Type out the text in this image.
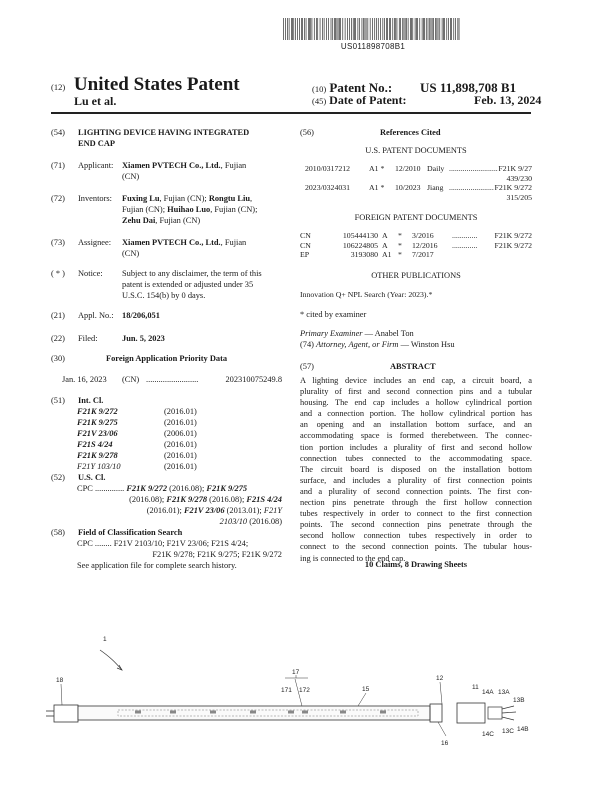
US011898708B1
(12) United States Patent
Lu et al.
(10) Patent No.: US 11,898,708 B1
(45) Date of Patent:	Feb. 13, 2024
(54) LIGHTING DEVICE HAVING INTEGRATED
END CAP
(71) Applicant: Xiamen PVTECH Co., Ltd., Fujian
(CN)
(72) Inventors: Fuxing Lu, Fujian (CN); Rongtu Liu,
Fujian (CN); Huihao Luo, Fujian (CN);
Zehu Dai, Fujian (CN)
(73) Assignee: Xiamen PVTECH Co., Ltd., Fujian
(CN)
( * ) Notice: Subject to any disclaimer, the term of this
patent is extended or adjusted under 35
U.S.C. 154(b) by 0 days.
(21) Appl. No.: 18/206,051
(22) Filed:	Jun. 5, 2023
(30)	Foreign Application Priority Data
Jan. 16, 2023 (CN) .........................	202310075249.8
(51) Int. Cl.
F21K 9/272	(2016.01)
F21K 9/275	(2016.01)
F21V 23/06	(2006.01)
F21S 4/24	(2016.01)
F21K 9/278	(2016.01)
F21Y 103/10	(2016.01)
(52) U.S. Cl.
CPC .............. F21K 9/272 (2016.08); F21K 9/275
(2016.08); F21K 9/278 (2016.08); F21S 4/24
(2016.01); F21V 23/06 (2013.01); F21Y
2103/10 (2016.08)
(58) Field of Classification Search
CPC ........ F21V 2103/10; F21V 23/06; F21S 4/24;
F21K 9/278; F21K 9/275; F21K 9/272
See application file for complete search history.
(56)	References Cited
U.S. PATENT DOCUMENTS
2010/0317212 A1 * 12/2010 Daily ......................... F21K 9/27
439/230
2023/0324031 A1 * 10/2023 Jiang ....................... F21K 9/272
315/205
FOREIGN PATENT DOCUMENTS
CN	105444130 A * 3/2016 ............. F21K 9/272
CN	106224805 A * 12/2016 ............. F21K 9/272
EP	3193080 A1 * 7/2017
OTHER PUBLICATIONS
Innovation Q+ NPL Search (Year: 2023).*
* cited by examiner
Primary Examiner — Anabel Ton
(74) Attorney, Agent, or Firm — Winston Hsu
(57)	ABSTRACT
A lighting device includes an end cap, a circuit board, a
plurality of first and second connection pins and a tubular
housing. The end cap includes a hollow cylindrical portion
and a connection portion. The hollow cylindrical portion has
an opening and an installation bottom surface, and an
accommodating space is formed therebetween. The connec-
tion portion includes a plurality of first and second hollow
connection tubes connected to the accommodating space.
The circuit board is disposed on the installation bottom
surface, and includes a plurality of first connection points
and a plurality of second connection points. The first con-
nection pins penetrate through the first hollow connection
tubes respectively in order to connect to the first connection
points. The second connection pins penetrate through the
second hollow connection tubes respectively in order to
connect to the second connection points. The tubular hous-
ing is connected to the end cap.
10 Claims, 8 Drawing Sheets
1
18
17
171 172	15
12
11
14A 13A
13B
14B
14C 13C
16
